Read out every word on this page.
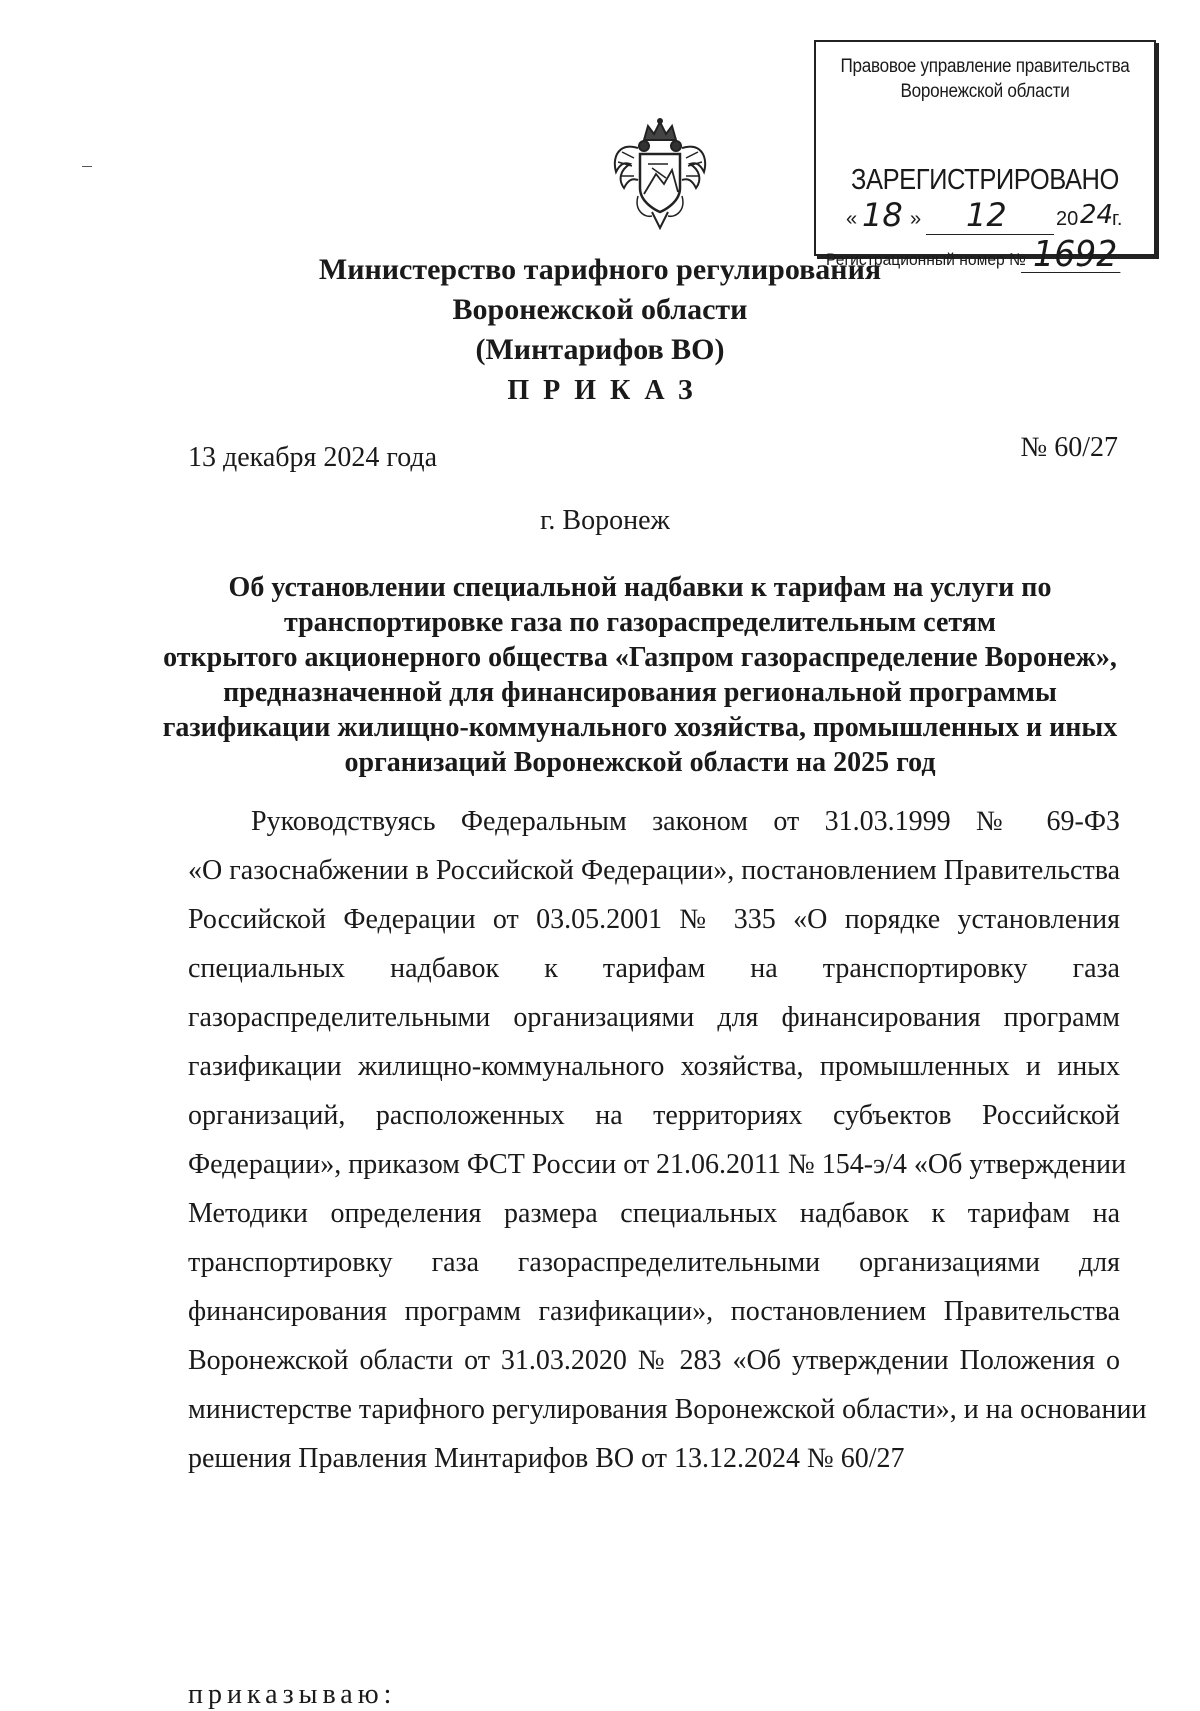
Правовое управление правительства
Воронежской области
ЗАРЕГИСТРИРОВАНО
« 18 » 12 20 24
г.
Регистрационный номер № 1692
Министерство тарифного регулирования
Воронежской области
(Минтарифов ВО)
ПРИКАЗ
13 декабря 2024 года	№ 60/27
г. Воронеж
Об установлении специальной надбавки к тарифам на услуги по
транспортировке газа по газораспределительным сетям
открытого акционерного общества «Газпром газораспределение Воронеж»,
предназначенной для финансирования региональной программы
газификации жилищно-коммунального хозяйства, промышленных и иных
организаций Воронежской области на 2025 год
Руководствуясь Федеральным законом от 31.03.1999 № 69-ФЗ
«О газоснабжении в Российской Федерации», постановлением Правительства
Российской Федерации от 03.05.2001 № 335 «О порядке установления
специальных надбавок к тарифам на транспортировку газа
газораспределительными организациями для финансирования программ
газификации жилищно-коммунального хозяйства, промышленных и иных
организаций, расположенных на территориях субъектов Российской
Федерации», приказом ФСТ России от 21.06.2011 № 154-э/4 «Об утверждении
Методики определения размера специальных надбавок к тарифам на
транспортировку газа газораспределительными организациями для
финансирования программ газификации», постановлением Правительства
Воронежской области от 31.03.2020 № 283 «Об утверждении Положения о
министерстве тарифного регулирования Воронежской области», и на основании
решения Правления Минтарифов ВО от 13.12.2024 № 60/27
приказываю:
